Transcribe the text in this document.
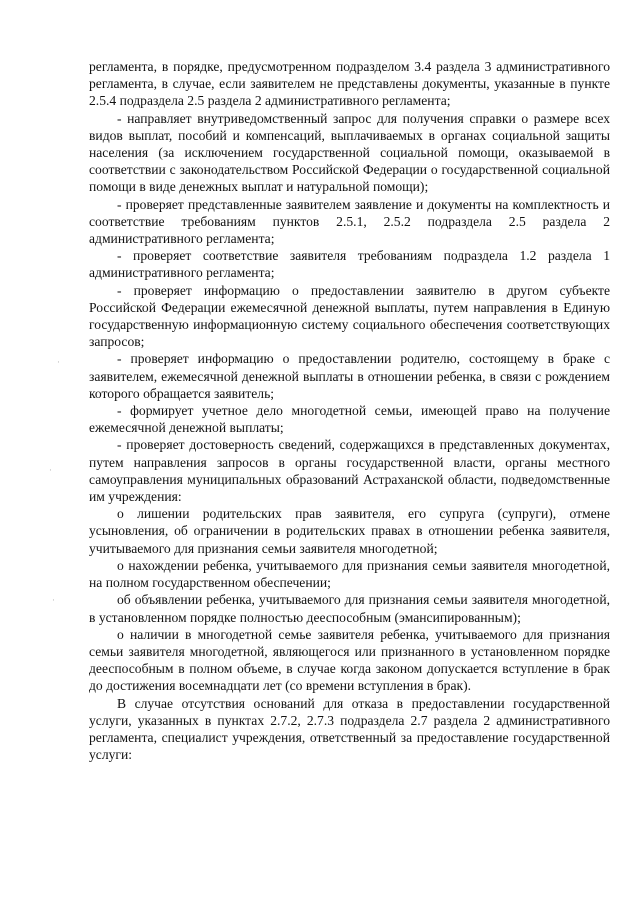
регламента, в порядке, предусмотренном подразделом 3.4 раздела 3 административного регламента, в случае, если заявителем не представлены документы, указанные в пункте 2.5.4 подраздела 2.5 раздела 2 административного регламента;

- направляет внутриведомственный запрос для получения справки о размере всех видов выплат, пособий и компенсаций, выплачиваемых в органах социальной защиты населения (за исключением государственной социальной помощи, оказываемой в соответствии с законодательством Российской Федерации о государственной социальной помощи в виде денежных выплат и натуральной помощи);

- проверяет представленные заявителем заявление и документы на комплектность и соответствие требованиям пунктов 2.5.1, 2.5.2 подраздела 2.5 раздела 2 административного регламента;

- проверяет соответствие заявителя требованиям подраздела 1.2 раздела 1 административного регламента;

- проверяет информацию о предоставлении заявителю в другом субъекте Российской Федерации ежемесячной денежной выплаты, путем направления в Единую государственную информационную систему социального обеспечения соответствующих запросов;

- проверяет информацию о предоставлении родителю, состоящему в браке с заявителем, ежемесячной денежной выплаты в отношении ребенка, в связи с рождением которого обращается заявитель;

- формирует учетное дело многодетной семьи, имеющей право на получение ежемесячной денежной выплаты;

- проверяет достоверность сведений, содержащихся в представленных документах, путем направления запросов в органы государственной власти, органы местного самоуправления муниципальных образований Астраханской области, подведомственные им учреждения:

о лишении родительских прав заявителя, его супруга (супруги), отмене усыновления, об ограничении в родительских правах в отношении ребенка заявителя, учитываемого для признания семьи заявителя многодетной;

о нахождении ребенка, учитываемого для признания семьи заявителя многодетной, на полном государственном обеспечении;

об объявлении ребенка, учитываемого для признания семьи заявителя многодетной, в установленном порядке полностью дееспособным (эмансипированным);

о наличии в многодетной семье заявителя ребенка, учитываемого для признания семьи заявителя многодетной, являющегося или признанного в установленном порядке дееспособным в полном объеме, в случае когда законом допускается вступление в брак до достижения восемнадцати лет (со времени вступления в брак).

В случае отсутствия оснований для отказа в предоставлении государственной услуги, указанных в пунктах 2.7.2, 2.7.3 подраздела 2.7 раздела 2 административного регламента, специалист учреждения, ответственный за предоставление государственной услуги:

·
·
·
